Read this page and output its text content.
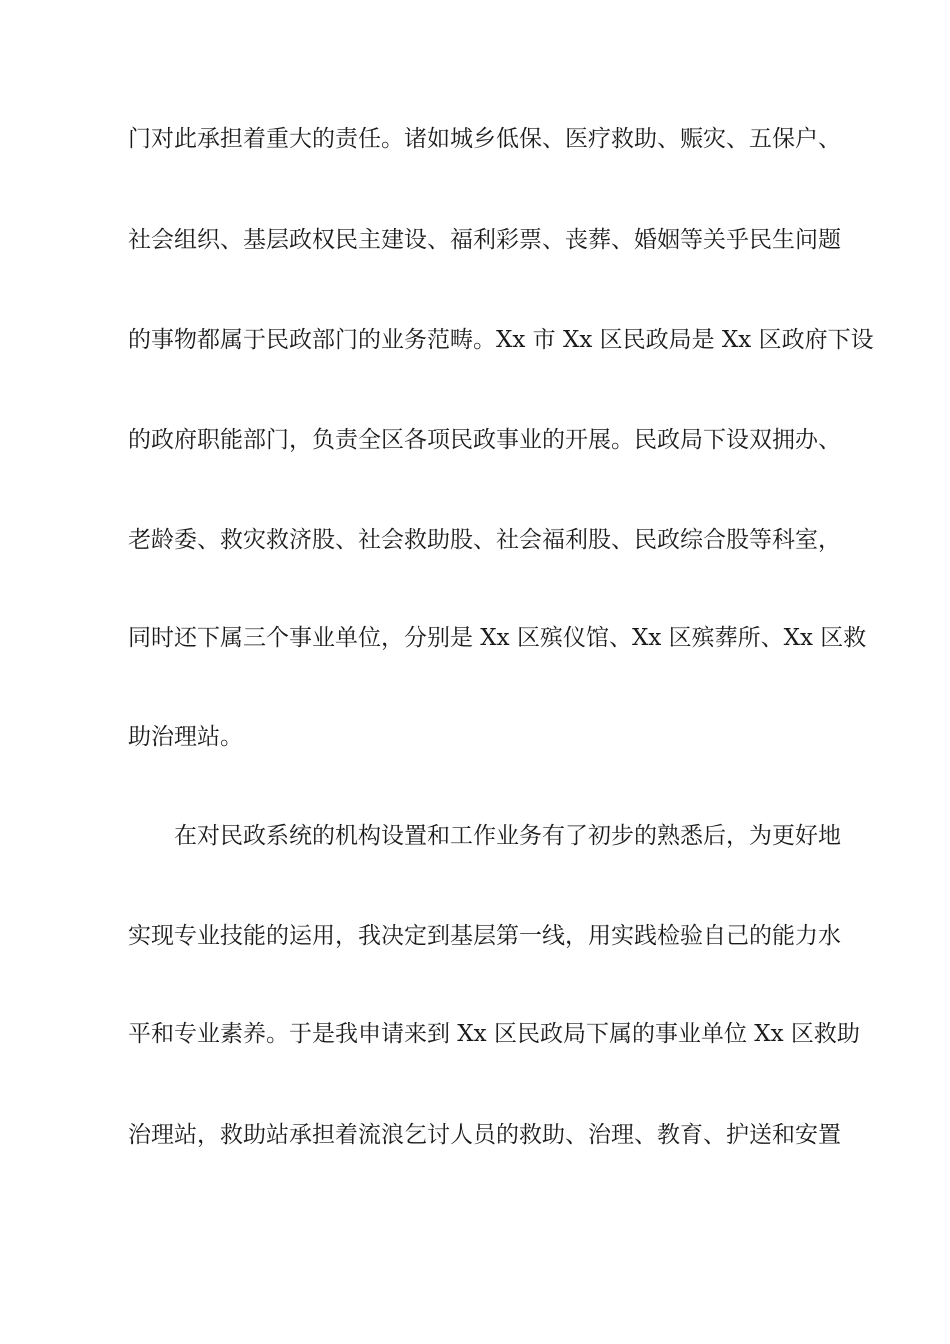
门对此承担着重大的责任。诸如城乡低保、医疗救助、赈灾、五保户、
社会组织、基层政权民主建设、福利彩票、丧葬、婚姻等关乎民生问题
的事物都属于民政部门的业务范畴。Xx 市 Xx 区民政局是 Xx 区政府下设
的政府职能部门，负责全区各项民政事业的开展。民政局下设双拥办、
老龄委、救灾救济股、社会救助股、社会福利股、民政综合股等科室，
同时还下属三个事业单位，分别是 Xx 区殡仪馆、Xx 区殡葬所、Xx 区救
助治理站。
在对民政系统的机构设置和工作业务有了初步的熟悉后，为更好地
实现专业技能的运用，我决定到基层第一线，用实践检验自己的能力水
平和专业素养。于是我申请来到 Xx 区民政局下属的事业单位 Xx 区救助
治理站，救助站承担着流浪乞讨人员的救助、治理、教育、护送和安置
